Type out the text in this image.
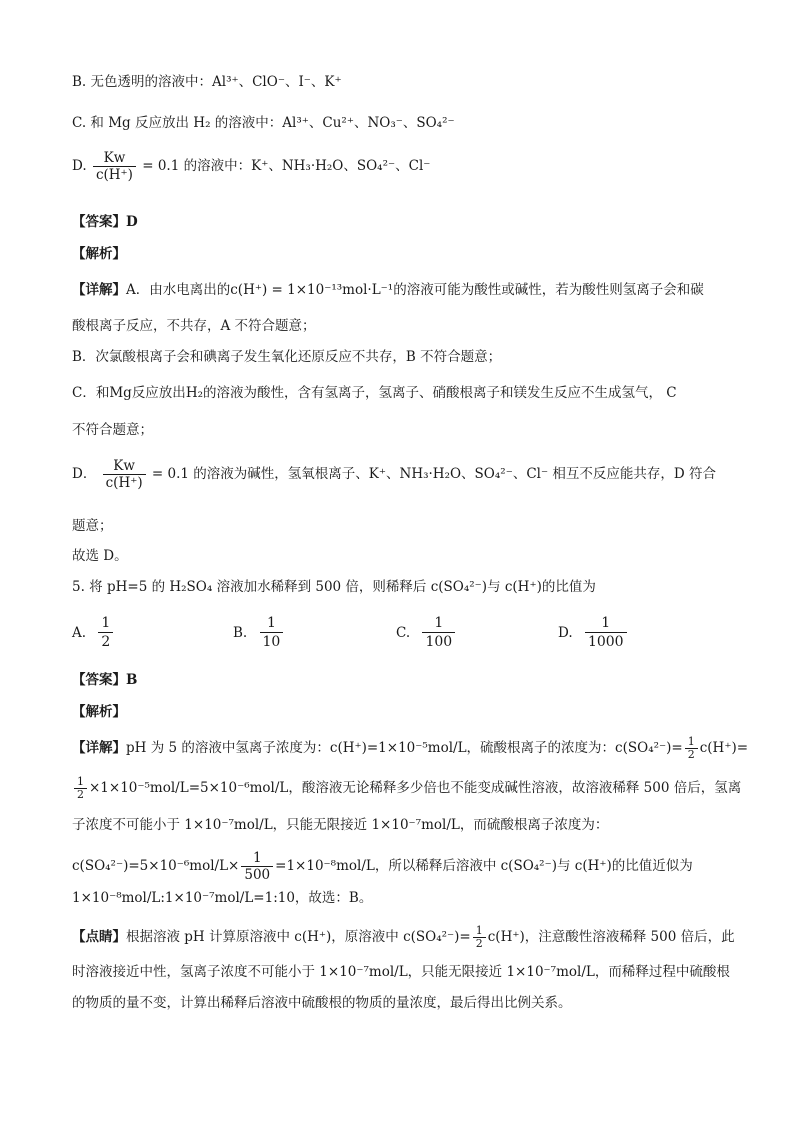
B. 无色透明的溶液中：Al³⁺、ClO⁻、I⁻、K⁺
C. 和 Mg 反应放出 H₂ 的溶液中：Al³⁺、Cu²⁺、NO₃⁻、SO₄²⁻
D. $\frac{Kw}{c(H^+)} = 0.1$ 的溶液中：K⁺、NH₃·H₂O、SO₄²⁻、Cl⁻
【答案】D
【解析】
【详解】A．由水电离出的c(H⁺) = 1×10⁻¹³mol·L⁻¹的溶液可能为酸性或碱性，若为酸性则氢离子会和碳
酸根离子反应，不共存，A 不符合题意；
B．次氯酸根离子会和碘离子发生氧化还原反应不共存，B 不符合题意；
C．和Mg反应放出H₂的溶液为酸性，含有氢离子，氢离子、硝酸根离子和镁发生反应不生成氢气， C
不符合题意；
D． $\frac{Kw}{c(H^+)} = 0.1$ 的溶液为碱性，氢氧根离子、K⁺、NH₃·H₂O、SO₄²⁻、Cl⁻ 相互不反应能共存，D 符合
题意；
故选 D。
5. 将 pH=5 的 H₂SO₄ 溶液加水稀释到 500 倍，则稀释后 c(SO₄²⁻)与 c(H⁺)的比值为
A. $\frac{1}{2}$	B. $\frac{1}{10}$	C. $\frac{1}{100}$	D. $\frac{1}{1000}$
【答案】B
【解析】
【详解】pH 为 5 的溶液中氢离子浓度为：c(H⁺)=1×10⁻⁵mol/L，硫酸根离子的浓度为：$c(SO_4^{2-})= \frac{1}{2} c(H^+)=$
$\frac{1}{2} \times 1\times 10^{-5}mol/L=5\times 10^{-6}mol/L$，酸溶液无论稀释多少倍也不能变成碱性溶液，故溶液稀释 500 倍后，氢离
子浓度不可能小于 1×10⁻⁷mol/L，只能无限接近 1×10⁻⁷mol/L，而硫酸根离子浓度为：
$c(SO_4^{2-})=5\times 10^{-6}mol/L\times \frac{1}{500} =1\times 10^{-8}mol/L$，所以稀释后溶液中 c(SO₄²⁻)与 c(H⁺)的比值近似为
1×10⁻⁸mol/L:1×10⁻⁷mol/L=1:10，故选：B。
【点睛】根据溶液 pH 计算原溶液中 c(H⁺)，原溶液中 $c(SO_4^{2-})= \frac{1}{2} c(H^+)$，注意酸性溶液稀释 500 倍后，此
时溶液接近中性，氢离子浓度不可能小于 1×10⁻⁷mol/L，只能无限接近 1×10⁻⁷mol/L，而稀释过程中硫酸根
的物质的量不变，计算出稀释后溶液中硫酸根的物质的量浓度，最后得出比例关系。
